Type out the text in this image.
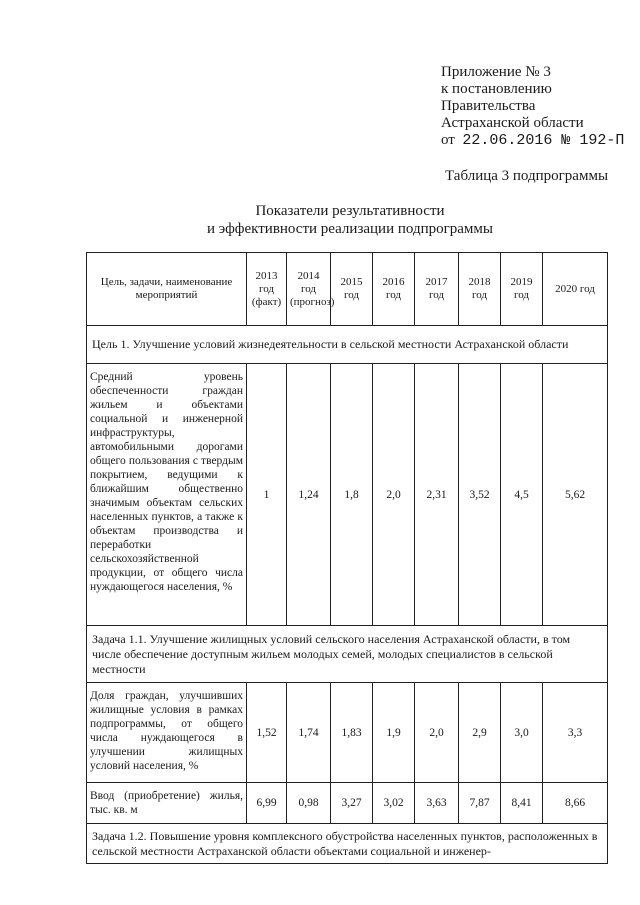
Приложение № 3
к постановлению
Правительства
Астраханской области
от 22.06.2016 № 192-П
Таблица 3 подпрограммы
Показатели результативности
и эффективности реализации подпрограммы
Цель, задачи, наименование мероприятий	2013 год (факт)	2014 год (прогноз)	2015 год	2016 год	2017 год	2018 год	2019 год	2020 год
Цель 1. Улучшение условий жизнедеятельности в сельской местности Астраханской области								
Средний уровень обеспеченности граждан жильем и объектами социальной и инженерной инфраструктуры, автомобильными дорогами общего пользования с твердым покрытием, ведущими к ближайшим общественно значимым объектам сельских населенных пунктов, а также к объектам производства и переработки сельскохозяйственной продукции, от общего числа нуждающегося населения, %	1	1,24	1,8	2,0	2,31	3,52	4,5	5,62
Задача 1.1. Улучшение жилищных условий сельского населения Астраханской области, в том числе обеспечение доступным жильем молодых семей, молодых специалистов в сельской местности								
Доля граждан, улучшивших жилищные условия в рамках подпрограммы, от общего числа нуждающегося в улучшении жилищных условий населения, %	1,52	1,74	1,83	1,9	2,0	2,9	3,0	3,3
Ввод (приобретение) жилья, тыс. кв. м	6,99	0,98	3,27	3,02	3,63	7,87	8,41	8,66
Задача 1.2. Повышение уровня комплексного обустройства населенных пунктов, расположенных в сельской местности Астраханской области объектами социальной и инженер-								
